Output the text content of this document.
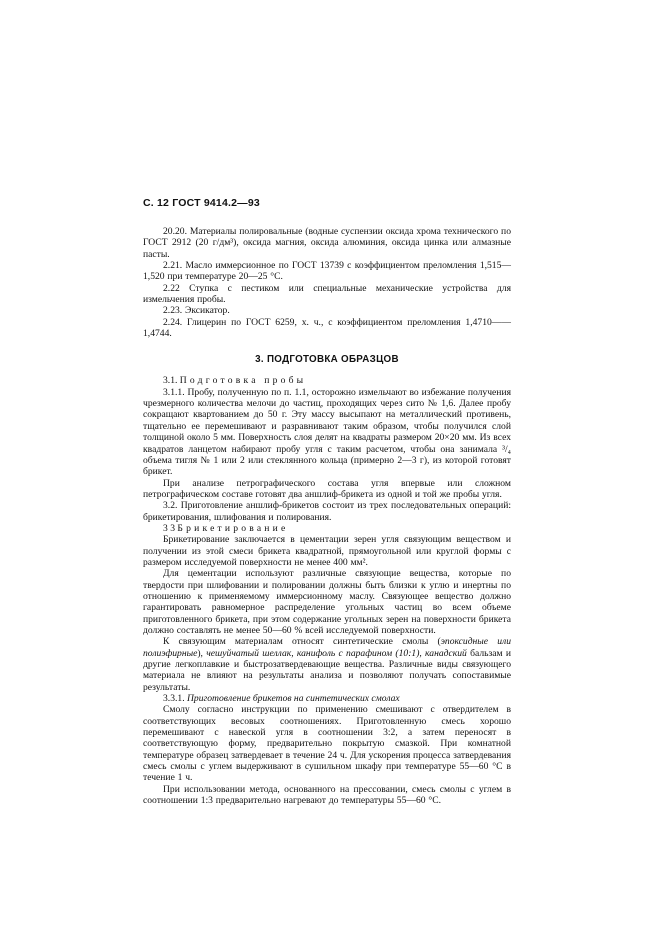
С. 12 ГОСТ 9414.2—93

20.20. Материалы полировальные (водные суспензии оксида хрома технического по ГОСТ 2912 (20 г/дм³), оксида магния, оксида алюминия, оксида цинка или алмазные пасты.

2.21. Масло иммерсионное по ГОСТ 13739 с коэффициентом преломления 1,515—1,520 при температуре 20—25 °С.

2.22 Ступка с пестиком или специальные механические устройства для измельчения пробы.

2.23. Эксикатор.

2.24. Глицерин по ГОСТ 6259, х. ч., с коэффициентом преломления 1,4710——1,4744.

3. ПОДГОТОВКА ОБРАЗЦОВ

3.1. Подготовка пробы

3.1.1. Пробу, полученную по п. 1.1, осторожно измельчают во избежание получения чрезмерного количества мелочи до частиц, проходящих через сито № 1,6. Далее пробу сокращают квартованием до 50 г. Эту массу высыпают на металлический противень, тщательно ее перемешивают и разравнивают таким образом, чтобы получился слой толщиной около 5 мм. Поверхность слоя делят на квадраты размером 20×20 мм. Из всех квадратов ланцетом набирают пробу угля с таким расчетом, чтобы она занимала ³/₄ объема тигля № 1 или 2 или стеклянного кольца (примерно 2—3 г), из которой готовят брикет.

При анализе петрографического состава угля впервые или сложном петрографическом составе готовят два аншлиф-брикета из одной и той же пробы угля.

3.2. Приготовление аншлиф-брикетов состоит из трех последовательных операций: брикетирования, шлифования и полирования.

3 3 Брикетирование

Брикетирование заключается в цементации зерен угля связующим веществом и получении из этой смеси брикета квадратной, прямоугольной или круглой формы с размером исследуемой поверхности не менее 400 мм².

Для цементации используют различные связующие вещества, которые по твердости при шлифовании и полировании должны быть близки к углю и инертны по отношению к применяемому иммерсионному маслу. Связующее вещество должно гарантировать равномерное распределение угольных частиц во всем объеме приготовленного брикета, при этом содержание угольных зерен на поверхности брикета должно составлять не менее 50—60 % всей исследуемой поверхности.

К связующим материалам относят синтетические смолы (эпоксидные или полиэфирные), чешуйчатый шеллак, канифоль с парафином (10:1), канадский бальзам и другие легкоплавкие и быстрозатвердевающие вещества. Различные виды связующего материала не влияют на результаты анализа и позволяют получать сопоставимые результаты.

3.3.1. Приготовление брикетов на синтетических смолах

Смолу согласно инструкции по применению смешивают с отвердителем в соответствующих весовых соотношениях. Приготовленную смесь хорошо перемешивают с навеской угля в соотношении 3:2, а затем переносят в соответствующую форму, предварительно покрытую смазкой. При комнатной температуре образец затвердевает в течение 24 ч. Для ускорения процесса затвердевания смесь смолы с углем выдерживают в сушильном шкафу при температуре 55—60 °С в течение 1 ч.

При использовании метода, основанного на прессовании, смесь смолы с углем в соотношении 1:3 предварительно нагревают до температуры 55—60 °С.
